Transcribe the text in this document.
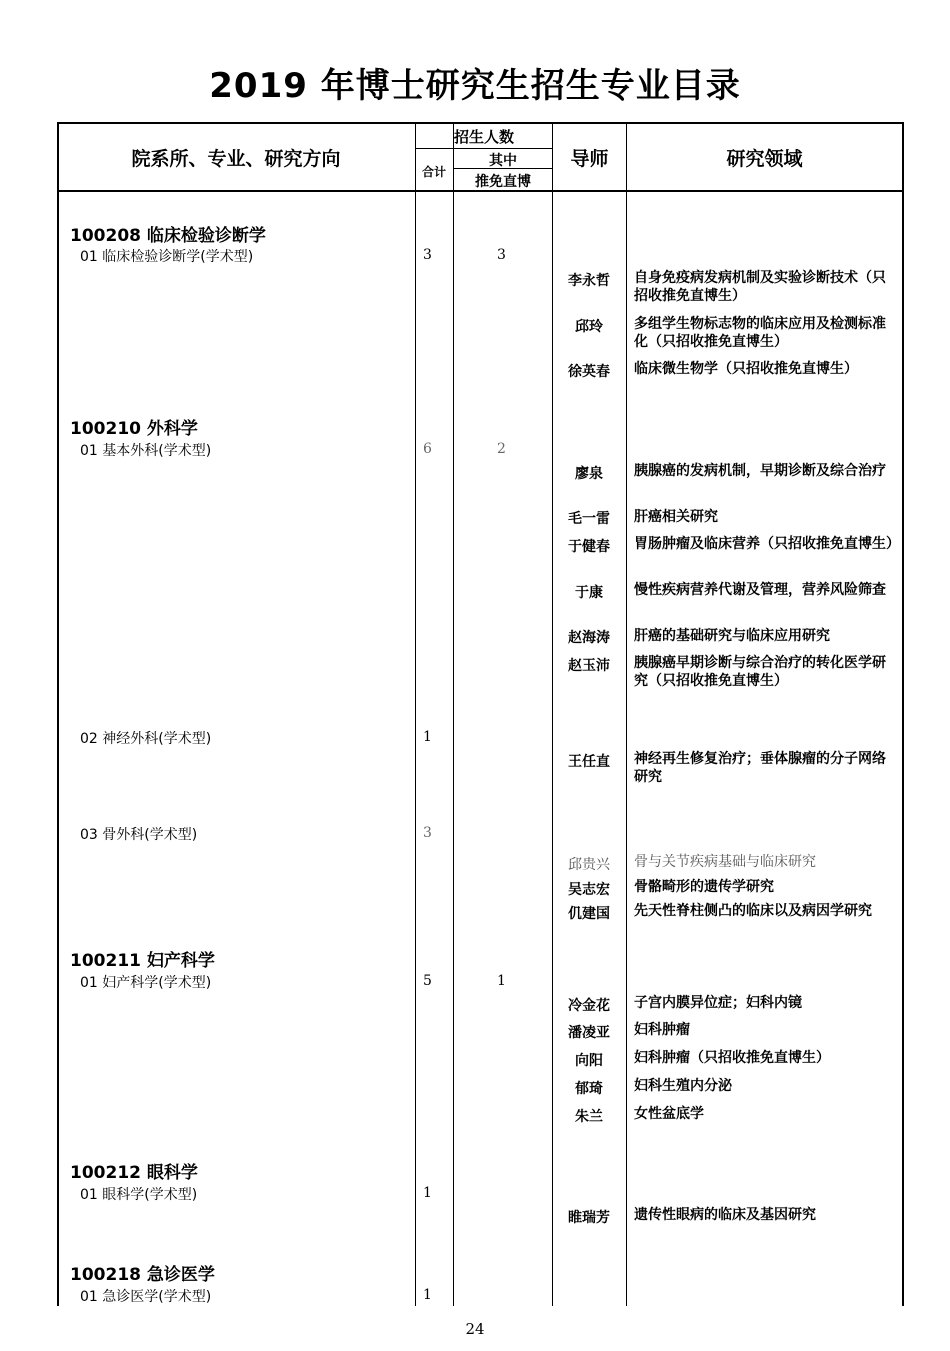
2019 年博士研究生招生专业目录
院系所、专业、研究方向
招生人数
合计
其中
推免直博
导师	研究领域
100208 临床检验诊断学
01 临床检验诊断学(学术型)	3	3
李永哲	自身免疫病发病机制及实验诊断技术（只招收推免直博生）
邱玲	多组学生物标志物的临床应用及检测标准化（只招收推免直博生）
徐英春	临床微生物学（只招收推免直博生）
100210 外科学
01 基本外科(学术型)	6	2
廖泉	胰腺癌的发病机制，早期诊断及综合治疗
毛一雷	肝癌相关研究
于健春	胃肠肿瘤及临床营养（只招收推免直博生）
于康	慢性疾病营养代谢及管理，营养风险筛查
赵海涛	肝癌的基础研究与临床应用研究
赵玉沛	胰腺癌早期诊断与综合治疗的转化医学研究（只招收推免直博生）
02 神经外科(学术型)	1
王任直	神经再生修复治疗；垂体腺瘤的分子网络研究
03 骨外科(学术型)	3
邱贵兴	骨与关节疾病基础与临床研究
吴志宏	骨骼畸形的遗传学研究
仉建国	先天性脊柱侧凸的临床以及病因学研究
100211 妇产科学
01 妇产科学(学术型)	5	1
冷金花	子宫内膜异位症；妇科内镜
潘凌亚	妇科肿瘤
向阳	妇科肿瘤（只招收推免直博生）
郁琦	妇科生殖内分泌
朱兰	女性盆底学
100212 眼科学
01 眼科学(学术型)	1
睢瑞芳	遗传性眼病的临床及基因研究
100218 急诊医学
01 急诊医学(学术型)	1
24
